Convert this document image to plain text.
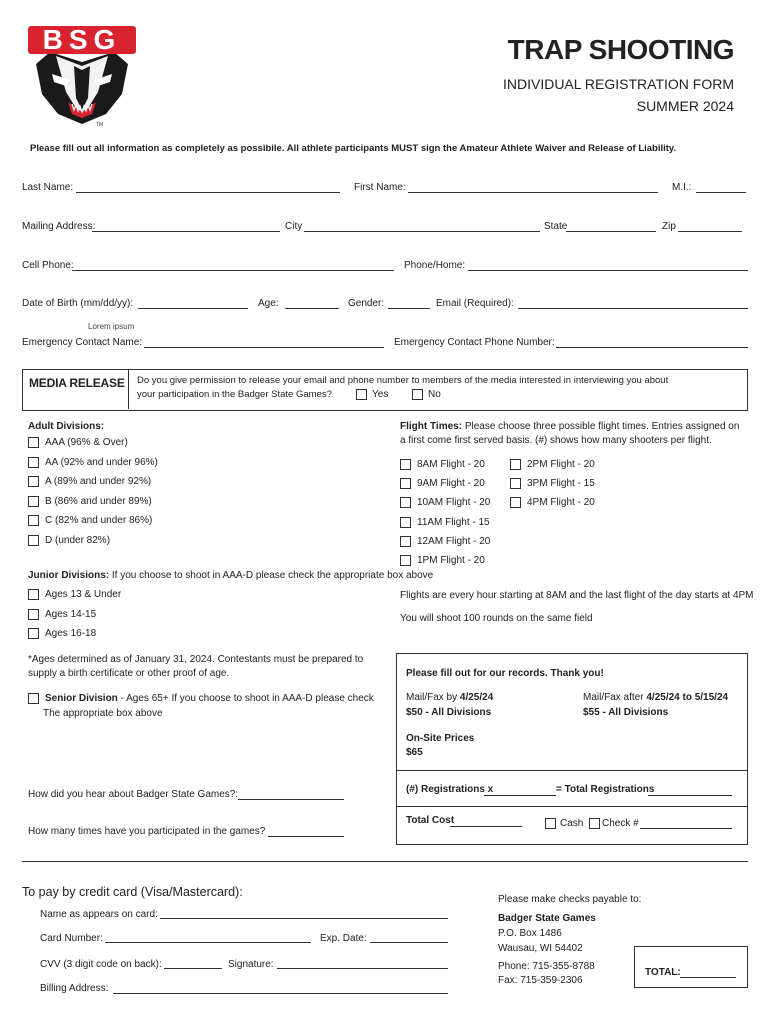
BSG
TM
TRAP SHOOTING
INDIVIDUAL REGISTRATION FORM
SUMMER 2024
Please fill out all information as completely as possibile. All athlete participants MUST sign the Amateur Athlete Waiver and Release of Liability.
Last Name:	First Name:	M.I.:
Mailing Address:	City	State	Zip
Cell Phone:	Phone/Home:
Date of Birth (mm/dd/yy):	Age:	Gender:	Email (Required):
Lorem ipsum
Emergency Contact Name:	Emergency Contact Phone Number:
MEDIA RELEASE Do you give permission to release your email and phone number to members of the media interested in interviewing you about
your participation in the Badger State Games?	Yes	No
Adult Divisions:
AAA (96% & Over)
AA (92% and under 96%)
A (89% and under 92%)
B (86% and under 89%)
C (82% and under 86%)
D (under 82%)
Junior Divisions: If you choose to shoot in AAA-D please check the appropriate box above
Ages 13 & Under
Ages 14-15
Ages 16-18
*Ages determined as of January 31, 2024. Contestants must be prepared to
supply a birth certificate or other proof of age.
Senior Division - Ages 65+ If you choose to shoot in AAA-D please check
The appropriate box above
How did you hear about Badger State Games?:
How many times have you participated in the games?
Flight Times: Please choose three possible flight times. Entries assigned on
a first come first served basis. (#) shows how many shooters per flight.
8AM Flight - 20
9AM Flight - 20
10AM Flight - 20
11AM Flight - 15
12AM Flight - 20
1PM Flight - 20
2PM Flight - 20
3PM Flight - 15
4PM Flight - 20
Flights are every hour starting at 8AM and the last flight of the day starts at 4PM
You will shoot 100 rounds on the same field
Please fill out for our records. Thank you!
Mail/Fax by 4/25/24
$50 - All Divisions
Mail/Fax after 4/25/24 to 5/15/24
$55 - All Divisions
On-Site Prices
$65
(#) Registrations x	= Total Registrations
Total Cost	Cash Check #
To pay by credit card (Visa/Mastercard):
Name as appears on card:
Card Number:	Exp. Date:
CVV (3 digit code on back):	Signature:
Billing Address:
Please make checks payable to:
Badger State Games
P.O. Box 1486
Wausau, WI 54402
Phone: 715-355-8788
Fax: 715-359-2306
TOTAL:
